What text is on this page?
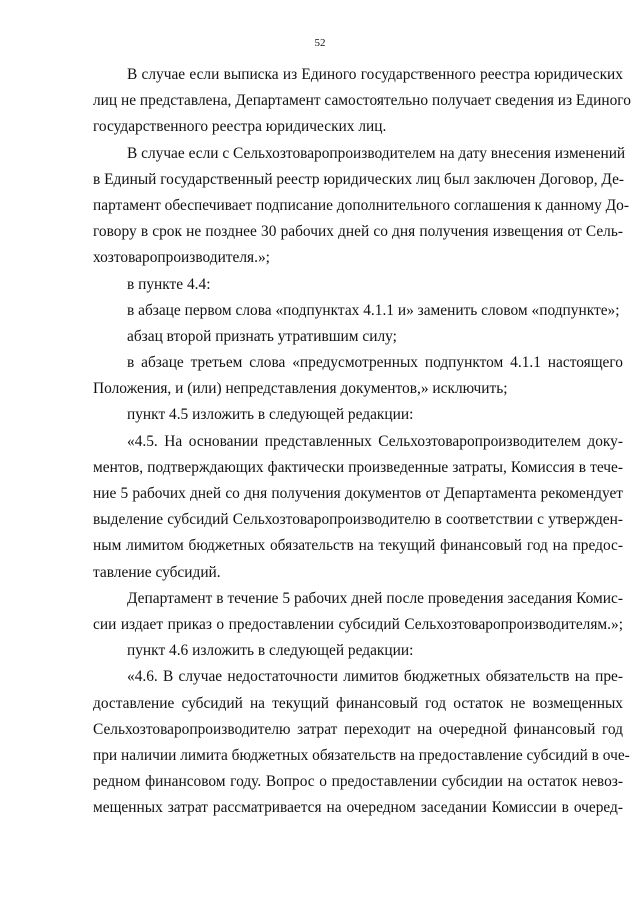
52
В случае если выписка из Единого государственного реестра юридических
лиц не представлена, Департамент самостоятельно получает сведения из Единого
государственного реестра юридических лиц.
В случае если с Сельхозтоваропроизводителем на дату внесения изменений
в Единый государственный реестр юридических лиц был заключен Договор, Де-
партамент обеспечивает подписание дополнительного соглашения к данному До-
говору в срок не позднее 30 рабочих дней со дня получения извещения от Сель-
хозтоваропроизводителя.»;
в пункте 4.4:
в абзаце первом слова «подпунктах 4.1.1 и» заменить словом «подпункте»;
абзац второй признать утратившим силу;
в абзаце третьем слова «предусмотренных подпунктом 4.1.1 настоящего
Положения, и (или) непредставления документов,» исключить;
пункт 4.5 изложить в следующей редакции:
«4.5. На основании представленных Сельхозтоваропроизводителем доку-
ментов, подтверждающих фактически произведенные затраты, Комиссия в тече-
ние 5 рабочих дней со дня получения документов от Департамента рекомендует
выделение субсидий Сельхозтоваропроизводителю в соответствии с утвержден-
ным лимитом бюджетных обязательств на текущий финансовый год на предос-
тавление субсидий.
Департамент в течение 5 рабочих дней после проведения заседания Комис-
сии издает приказ о предоставлении субсидий Сельхозтоваропроизводителям.»;
пункт 4.6 изложить в следующей редакции:
«4.6. В случае недостаточности лимитов бюджетных обязательств на пре-
доставление субсидий на текущий финансовый год остаток не возмещенных
Сельхозтоваропроизводителю затрат переходит на очередной финансовый год
при наличии лимита бюджетных обязательств на предоставление субсидий в оче-
редном финансовом году. Вопрос о предоставлении субсидии на остаток невоз-
мещенных затрат рассматривается на очередном заседании Комиссии в очеред-
